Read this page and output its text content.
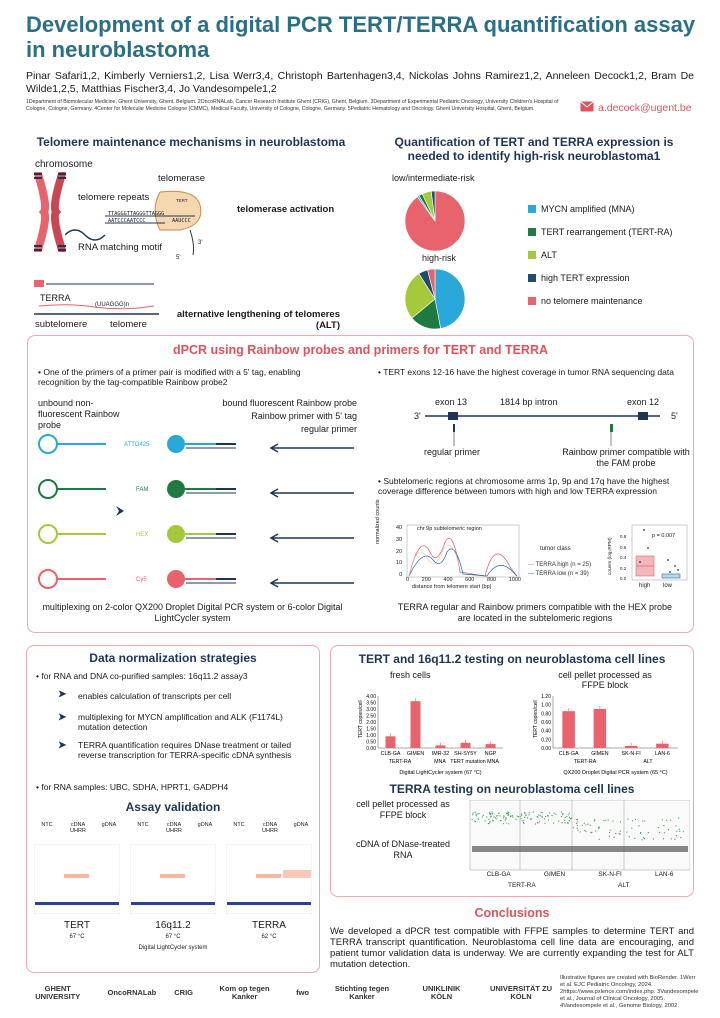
Development of a digital PCR TERT/TERRA quantification assay in neuroblastoma
Pinar Safari1,2, Kimberly Verniers1,2, Lisa Werr3,4, Christoph Bartenhagen3,4, Nickolas Johns Ramirez1,2, Anneleen Decock1,2, Bram De Wilde1,2,5, Matthias Fischer3,4, Jo Vandesompele1,2
1Department of Biomolecular Medicine, Ghent University, Ghent, Belgium. 2OncoRNALab, Cancer Research Institute Ghent (CRIG), Ghent, Belgium. 3Department of Experimental Pediatric Oncology, University Children's Hospital of Cologne, Cologne, Germany. 4Center for Molecular Medicine Cologne (CMMC), Medical Faculty, University of Cologne, Cologne, Germany. 5Pediatric Hematology and Oncology, Ghent University Hospital, Ghent, Belgium.	a.decock@ugent.be
Telomere maintenance mechanisms in neuroblastoma
chromosome
telomerase
telomere repeats	TERT
TTAGGGTTAGGGTTAGGG
AATCCCAATCCC	AAUCCC
3'
5'
RNA matching motif
telomerase activation
TERRA
(UUAGGG)n
subtelomere telomere
alternative lengthening of telomeres (ALT)
Quantification of TERT and TERRA expression is needed to identify high-risk neuroblastoma1
low/intermediate-risk
high-risk
MYCN amplified (MNA)
TERT rearrangement (TERT-RA)
ALT
high TERT expression
no telomere maintenance
dPCR using Rainbow probes and primers for TERT and TERRA
• One of the primers of a primer pair is modified with a 5' tag, enabling recognition by the tag-compatible Rainbow probe2
unbound non-fluorescent Rainbow probe
bound fluorescent Rainbow probe
Rainbow primer with 5' tag
regular primer
ATTO425
FAM
HEX
Cy5
multiplexing on 2-color QX200 Droplet Digital PCR system or 6-color Digital LightCycler system
• TERT exons 12-16 have the highest coverage in tumor RNA sequencing data
exon 13	1814 bp intron	exon 12
3'	5'
regular primer	Rainbow primer compatible with the FAM probe
• Subtelomeric regions at chromosome arms 1p, 9p and 17q have the highest coverage difference between tumors with high and low TERRA expression
chr 9p subtelomeric region
normalized counts
distance from telomere start (bp)
0 200 400 600 800 1000
0
10
20
30
40
tumor class
— TERRA high (n = 25)
— TERRA low (n = 39)
p = 0.007
0.0
0.2
0.4
0.6
0.8
counts (log₂RPM)
high low
TERRA regular and Rainbow primers compatible with the HEX probe are located in the subtelomeric regions
Data normalization strategies
• for RNA and DNA co-purified samples: 16q11.2 assay3
➤ enables calculation of transcripts per cell
➤ multiplexing for MYCN amplification and ALK (F1174L) mutation detection
➤ TERRA quantification requires DNase treatment or tailed reverse transcription for TERRA-specific cDNA synthesis
• for RNA samples: UBC, SDHA, HPRT1, GADPH4
Assay validation
NTC	cDNA UHRR
gDNA
TERT
67 °C
NTC	cDNA UHRR
gDNA
16q11.2
67 °C
NTC	cDNA UHRR
gDNA
TERRA
62 °C
Digital LightCycler system
TERT and 16q11.2 testing on neuroblastoma cell lines
fresh cells	cell pellet processed as FFPE block
0.00
0.50
1.00
1.50
2.00
2.50
3.00
3.50
4.00
TERT copies/cell
CLB-GA GIMEN IMR-32 SH-SY5Y NGP
TERT-RA	MNA TERT mutation MNA
Digital LightCycler system (67 °C)
0.00
0.20
0.40
0.60
0.80
1.00
1.20
TERT copies/cell
CLB-GA GIMEN SK-N-FI	LAN-6
TERT-RA	ALT
QX200 Droplet Digital PCR system (65 °C)
TERRA testing on neuroblastoma cell lines
cell pellet processed as FFPE block
cDNA of DNase-treated RNA
CLB-GA	GIMEN	SK-N-FI	LAN-6
TERT-RA	ALT
Conclusions
We developed a dPCR test compatible with FFPE samples to determine TERT and TERRA transcript quantification. Neuroblastoma cell line data are encouraging, and patient tumor validation data is underway. We are currently expanding the test for ALT mutation detection.
GHENT UNIVERSITY	OncoRNALab CRIG	Kom op tegen Kanker	fwo	Stichting tegen Kanker
UNIKLINIK KÖLN
UNIVERSITÄT ZU KÖLN
Illustrative figures are created with BioRender. 1Werr et al. EJC Pediatric Oncology, 2024. 2https://www.pxlence.com/index.php. 3Vandesompele et al., Journal of Clinical Oncology, 2005. 4Vandesompele et al., Genome Biology, 2002.
